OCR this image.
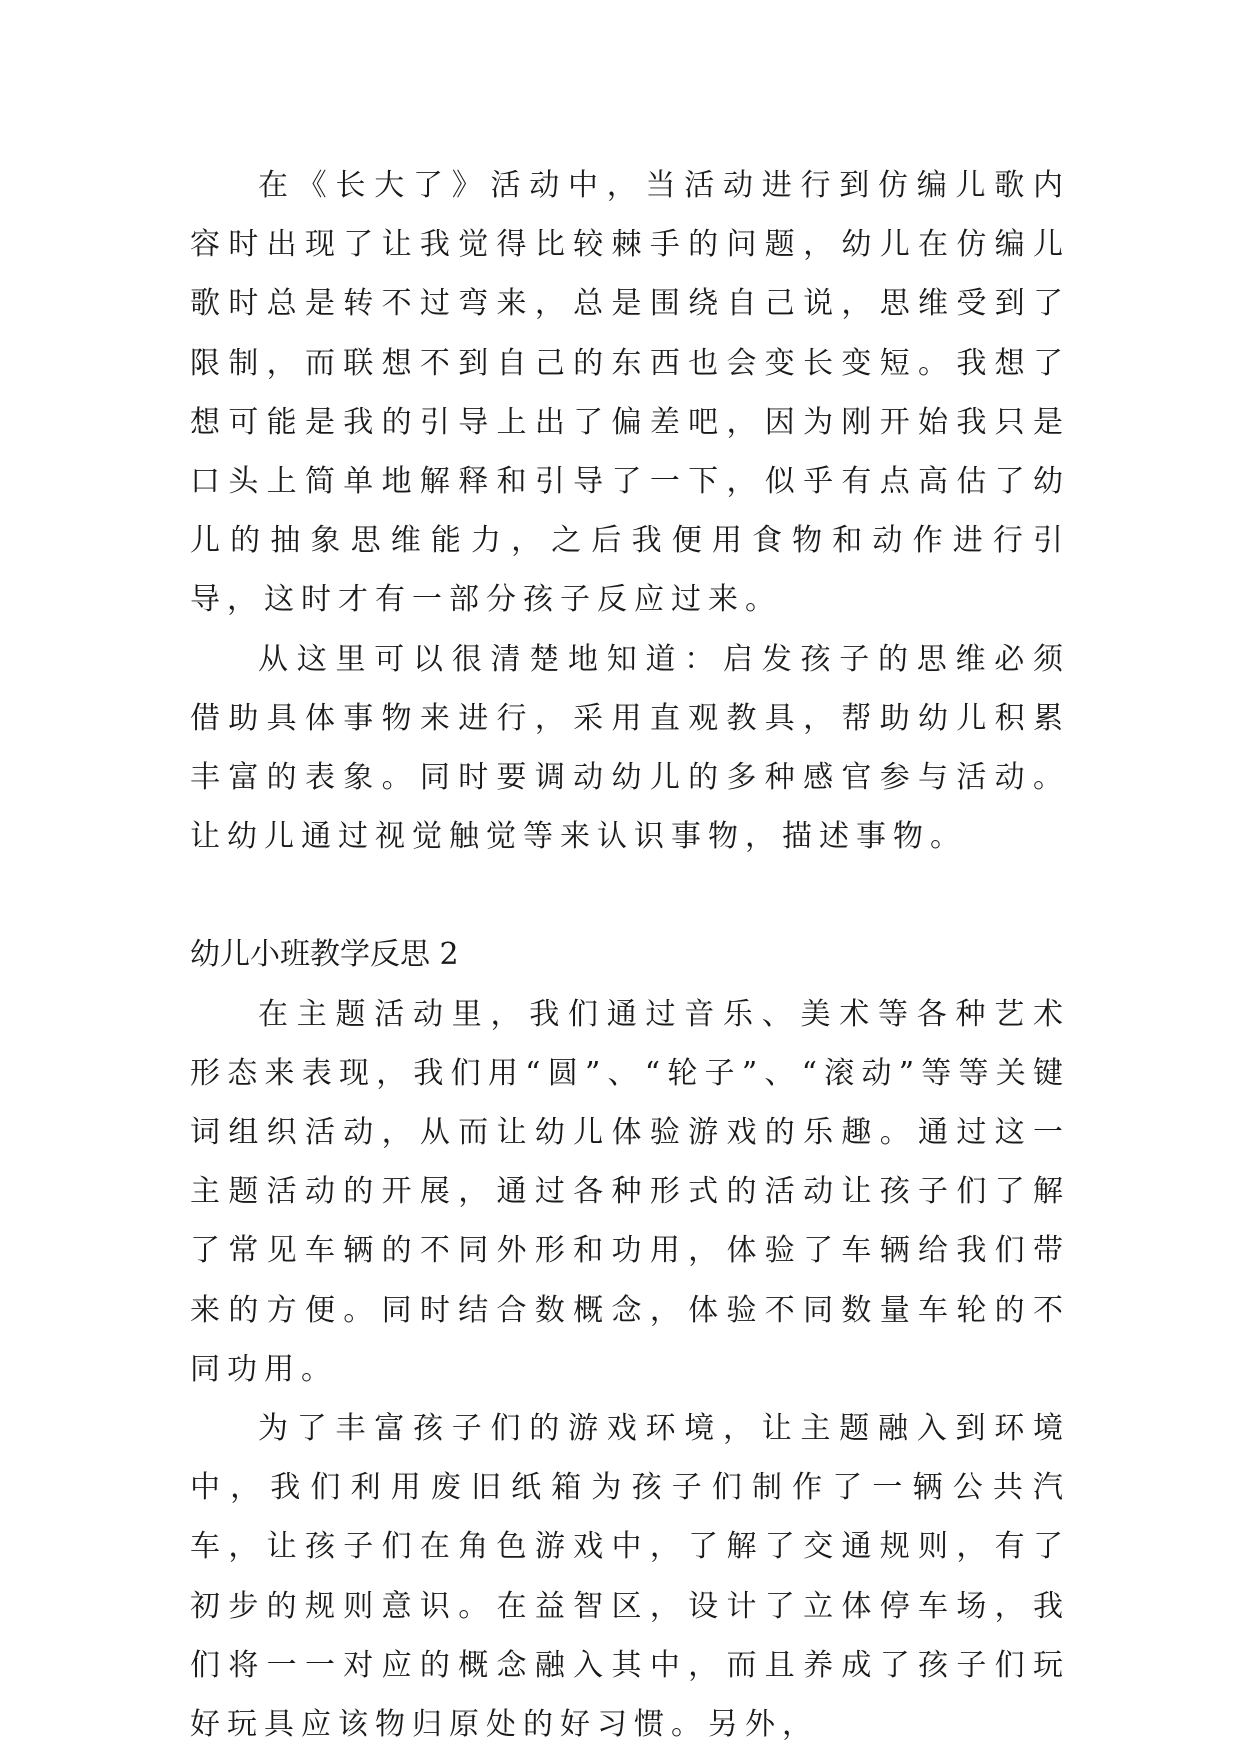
在《长大了》活动中，当活动进行到仿编儿歌内容时出现了让我觉得比较棘手的问题，幼儿在仿编儿歌时总是转不过弯来，总是围绕自己说，思维受到了限制，而联想不到自己的东西也会变长变短。我想了想可能是我的引导上出了偏差吧，因为刚开始我只是口头上简单地解释和引导了一下，似乎有点高估了幼儿的抽象思维能力，之后我便用食物和动作进行引导，这时才有一部分孩子反应过来。

从这里可以很清楚地知道：启发孩子的思维必须借助具体事物来进行，采用直观教具，帮助幼儿积累丰富的表象。同时要调动幼儿的多种感官参与活动。让幼儿通过视觉触觉等来认识事物，描述事物。

幼儿小班教学反思 2

在主题活动里，我们通过音乐、美术等各种艺术形态来表现，我们用“圆”、“轮子”、“滚动”等等关键词组织活动，从而让幼儿体验游戏的乐趣。通过这一主题活动的开展，通过各种形式的活动让孩子们了解了常见车辆的不同外形和功用，体验了车辆给我们带来的方便。同时结合数概念，体验不同数量车轮的不同功用。

为了丰富孩子们的游戏环境，让主题融入到环境中，我们利用废旧纸箱为孩子们制作了一辆公共汽车，让孩子们在角色游戏中，了解了交通规则，有了初步的规则意识。在益智区，设计了立体停车场，我们将一一对应的概念融入其中，而且养成了孩子们玩好玩具应该物归原处的好习惯。另外，
